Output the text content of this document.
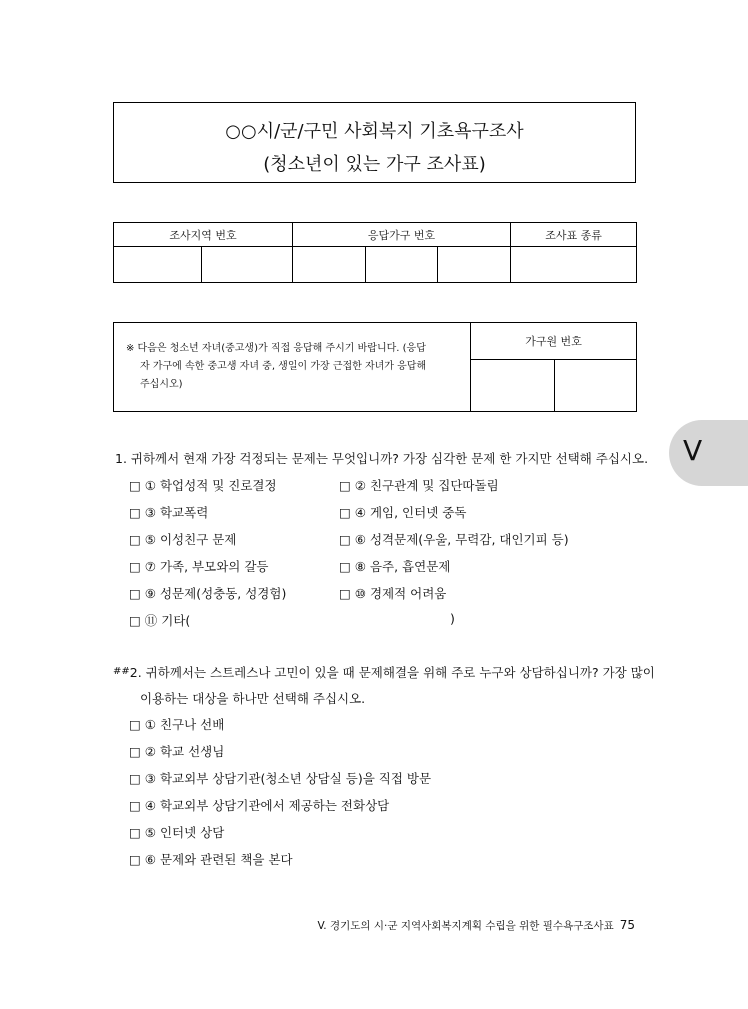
○○시/군/구민 사회복지 기초욕구조사
(청소년이 있는 가구 조사표)
조사지역 번호		응답가구 번호			조사표 종류

※ 다음은 청소년 자녀(중고생)가 직접 응답해 주시기 바랍니다. (응답
자 가구에 속한 중고생 자녀 중, 생일이 가장 근접한 자녀가 응답해
주십시오)	가구원 번호	

V
1. 귀하께서 현재 가장 걱정되는 문제는 무엇입니까? 가장 심각한 문제 한 가지만 선택해 주십시오.
□ ① 학업성적 및 진로결정	□ ② 친구관계 및 집단따돌림
□ ③ 학교폭력	□ ④ 게임, 인터넷 중독
□ ⑤ 이성친구 문제	□ ⑥ 성격문제(우울, 무력감, 대인기피 등)
□ ⑦ 가족, 부모와의 갈등	□ ⑧ 음주, 흡연문제
□ ⑨ 성문제(성충동, 성경험)	□ ⑩ 경제적 어려움
□ ⑪ 기타(	)
##2. 귀하께서는 스트레스나 고민이 있을 때 문제해결을 위해 주로 누구와 상담하십니까? 가장 많이
이용하는 대상을 하나만 선택해 주십시오.
□ ① 친구나 선배
□ ② 학교 선생님
□ ③ 학교외부 상담기관(청소년 상담실 등)을 직접 방문
□ ④ 학교외부 상담기관에서 제공하는 전화상담
□ ⑤ 인터넷 상담
□ ⑥ 문제와 관련된 책을 본다
V. 경기도의 시·군 지역사회복지계획 수립을 위한 필수욕구조사표 75
